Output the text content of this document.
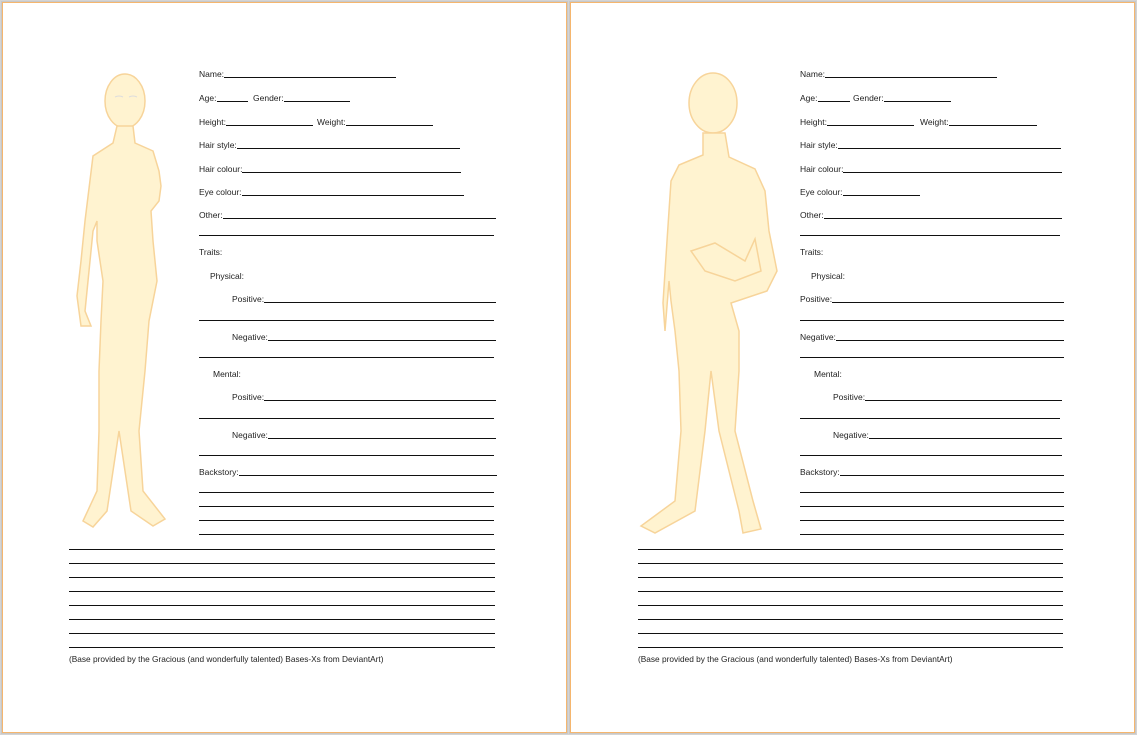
Name:
Age:	Gender:
Height:	Weight:
Hair style:
Hair colour:
Eye colour:
Other:
Traits:
Physical:
Positive:
Negative:
Mental:
Positive:
Negative:
Backstory:
(Base provided by the Gracious (and wonderfully talented) Bases-Xs from DeviantArt)
Name:
Age:	Gender:
Height:	Weight:
Hair style:
Hair colour:
Eye colour:
Other:
Traits:
Physical:
Positive:
Negative:
Mental:
Positive:
Negative:
Backstory:
(Base provided by the Gracious (and wonderfully talented) Bases-Xs from DeviantArt)
